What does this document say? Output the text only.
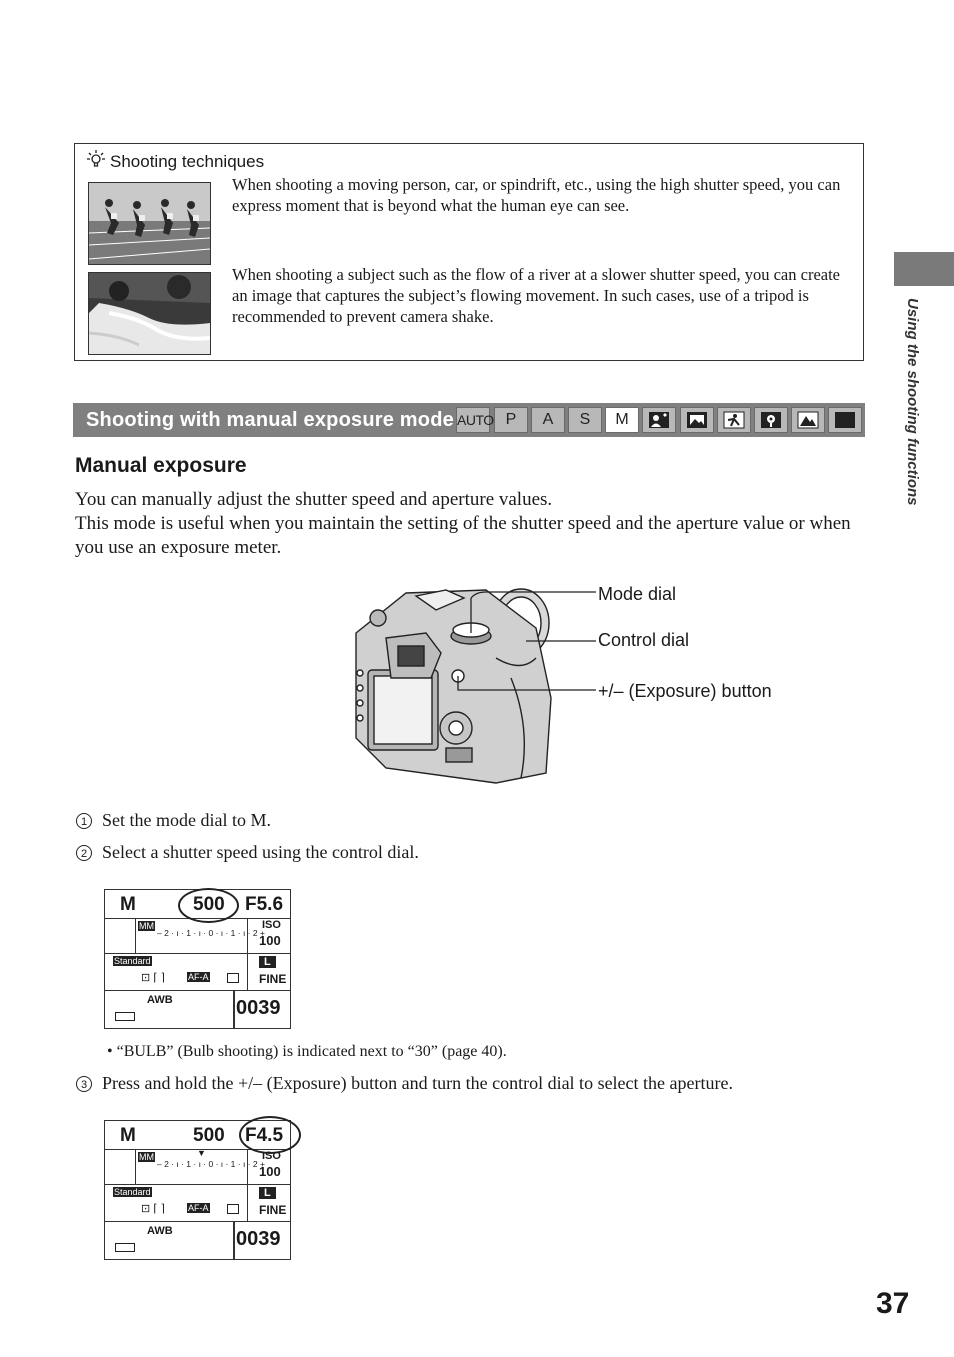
Shooting techniques
When shooting a moving person, car, or spindrift, etc., using the high shutter speed, you can express moment that is beyond what the human eye can see.
When shooting a subject such as the flow of a river at a slower shutter speed, you can create an image that captures the subject’s flowing movement. In such cases, use of a tripod is recommended to prevent camera shake.
Shooting with manual exposure mode AUTO P	A	S	M	Using the shooting functions
Manual exposure
You can manually adjust the shutter speed and aperture values.
This mode is useful when you maintain the setting of the shutter speed and the aperture value or when you use an exposure meter.
Mode dial
Control dial
+/– (Exposure) button
1 Set the mode dial to M.
2 Select a shutter speed using the control dial.
M	500 F5.6
MM
– 2 · ı · 1 · ı · 0 · ı · 1 · ı · 2 +
ISO
100
Standard
⊡ ⌈ ⌉	AF-A
L
FINE
AWB	0039
• “BULB” (Bulb shooting) is indicated next to “30” (page 40).
3 Press and hold the +/– (Exposure) button and turn the control dial to select the aperture.
M	500 F4.5
▼
MM
– 2 · ı · 1 · ı · 0 · ı · 1 · ı · 2 +
ISO
100
Standard
⊡ ⌈ ⌉	AF-A
L
FINE
AWB	0039
37
